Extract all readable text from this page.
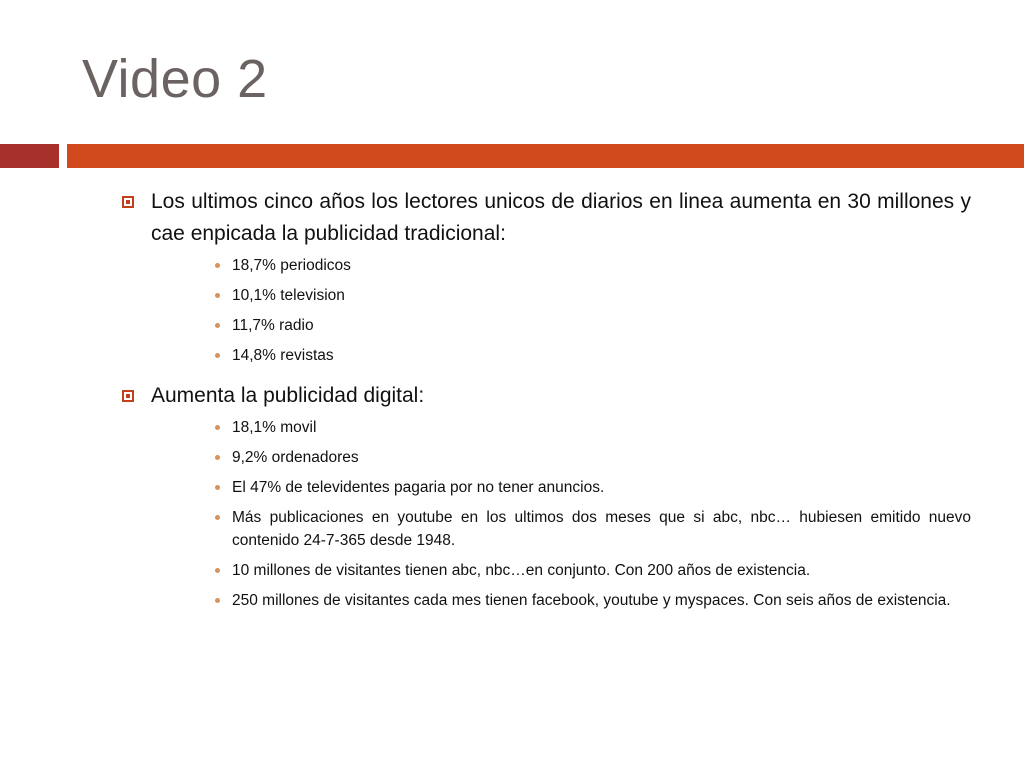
Video 2
Los ultimos cinco años los lectores unicos de diarios en linea aumenta en 30 millones y cae enpicada la publicidad tradicional:
18,7% periodicos
10,1% television
11,7% radio
14,8% revistas
Aumenta la publicidad digital:
18,1% movil
9,2% ordenadores
El 47% de televidentes pagaria por no tener anuncios.
Más publicaciones en youtube en los ultimos dos meses que si abc, nbc… hubiesen emitido nuevo contenido 24-7-365 desde 1948.
10 millones de visitantes tienen abc, nbc…en conjunto. Con 200 años de existencia.
250 millones de visitantes cada mes tienen facebook, youtube y myspaces. Con seis años de existencia.
